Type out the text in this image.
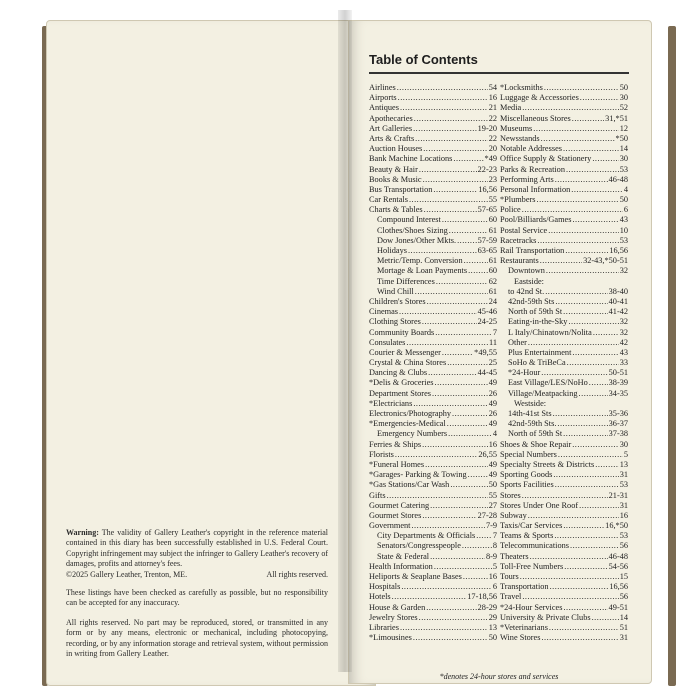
Warning: The validity of Gallery Leather's copyright in the reference material contained in this diary has been successfully established in U.S. Federal Court. Copyright infringement may subject the infringer to Gallery Leather's recovery of damages, profits and attorney's fees.
©2025 Gallery Leather, Trenton, ME.	All rights reserved.
These listings have been checked as carefully as possible, but no responsibility can be accepted for any inaccuracy.
All rights reserved. No part may be reproduced, stored, or transmitted in any form or by any means, electronic or mechanical, including photocopying, recording, or by any information storage and retrieval system, without permission in writing from Gallery Leather.
Table of Contents
Airlines .....	54
Airports .....	16
Antiques .....	21
Apothecaries .....	22
Art Galleries .....	19-20
Arts & Crafts .....	22
Auction Houses .....	20
Bank Machine Locations .....	*49
Beauty & Hair .....	22-23
Books & Music .....	23
Bus Transportation .....	16,56
Car Rentals .....	55
Charts & Tables .....	57-65
Compound Interest .....	60
Clothes/Shoes Sizing .....	61
Dow Jones/Other Mkts. .....	57-59
Holidays .....	63-65
Metric/Temp. Conversion .....	61
Mortage & Loan Payments .....	60
Time Differences .....	62
Wind Chill .....	61
Children's Stores .....	24
Cinemas .....	45-46
Clothing Stores .....	24-25
Community Boards .....	7
Consulates .....	11
Courier & Messenger .....	*49,55
Crystal & China Stores .....	25
Dancing & Clubs .....	44-45
*Delis & Groceries .....	49
Department Stores .....	26
*Electricians .....	49
Electronics/Photography .....	26
*Emergencies-Medical .....	49
Emergency Numbers .....	4
Ferries & Ships .....	16
Florists .....	26,55
*Funeral Homes .....	49
*Garages- Parking & Towing .....	49
*Gas Stations/Car Wash .....	50
Gifts .....	55
Gourmet Catering .....	27
Gourmet Stores .....	27-28
Government .....	7-9
City Departments & Officials ..... 7
Senators/Congresspeople .....	8
State & Federal .....	8-9
Health Information .....	5
Heliports & Seaplane Bases .....	16
Hospitals .....	6
Hotels .....	17-18,56
House & Garden .....	28-29
Jewelry Stores .....	29
Libraries .....	13
*Limousines .....	50
*Locksmiths .....	50
Luggage & Accessories .....	30
Media .....	52
Miscellaneous Stores .....	31,*51
Museums .....	12
Newsstands .....	*50
Notable Addresses .....	14
Office Supply & Stationery .....	30
Parks & Recreation .....	53
Performing Arts .....	46-48
Personal Information .....	4
*Plumbers .....	50
Police .....	6
Pool/Billiards/Games .....	43
Postal Service .....	10
Racetracks .....	53
Rail Transportation .....	16,56
Restaurants .....	32-43,*50-51
Downtown .....	32
Eastside:
to 42nd St. .....	38-40
42nd-59th Sts .....	40-41
North of 59th St .....	41-42
Eating-in-the-Sky .....	32
L Italy/Chinatown/Nolita .....	32
Other .....	42
Plus Entertainment .....	43
SoHo & TriBeCa .....	33
*24-Hour .....	50-51
East Village/LES/NoHo .....	38-39
Village/Meatpacking .....	34-35
Westside:
14th-41st Sts .....	35-36
42nd-59th Sts. .....	36-37
North of 59th St .....	37-38
Shoes & Shoe Repair .....	30
Special Numbers .....	5
Specialty Streets & Districts .....	13
Sporting Goods .....	31
Sports Facilities .....	53
Stores .....	21-31
Stores Under One Roof .....	31
Subway .....	16
Taxis/Car Services .....	16,*50
Teams & Sports .....	53
Telecommunications .....	56
Theaters .....	46-48
Toll-Free Numbers .....	54-56
Tours .....	15
Transportation .....	16,56
Travel .....	56
*24-Hour Services .....	49-51
University & Private Clubs .....	14
*Veterinarians .....	51
Wine Stores .....	31
*denotes 24-hour stores and services
